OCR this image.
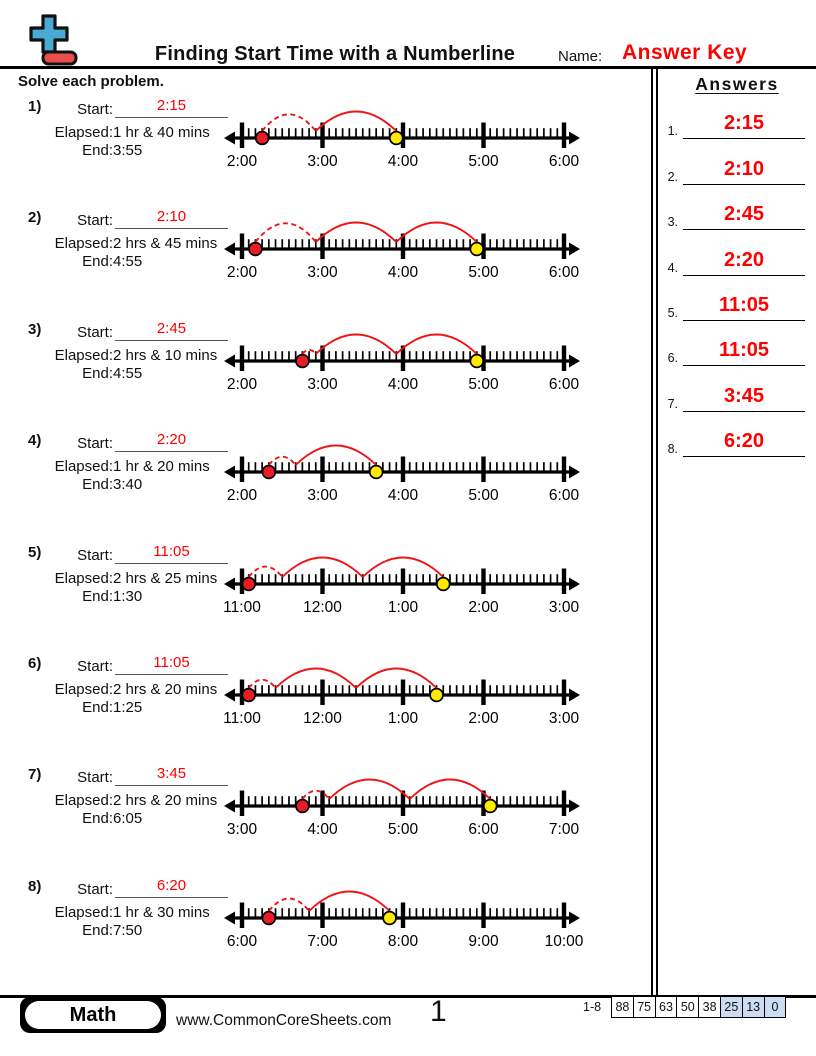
Finding Start Time with a Numberline	Name: Answer Key
Solve each problem.
1)	Start:	2:15
Elapsed: 1 hr & 40 mins
End: 3:55
2:00	3:00	4:00	5:00	6:00
2)	Start:	2:10
Elapsed: 2 hrs & 45 mins
End: 4:55
2:00	3:00	4:00	5:00	6:00
3)	Start:	2:45
Elapsed: 2 hrs & 10 mins
End: 4:55
2:00	3:00	4:00	5:00	6:00
4)	Start:	2:20
Elapsed: 1 hr & 20 mins
End: 3:40
2:00	3:00	4:00	5:00	6:00
5)	Start:	11:05
Elapsed: 2 hrs & 25 mins
End: 1:30
11:00	12:00	1:00	2:00	3:00
6)	Start:	11:05
Elapsed: 2 hrs & 20 mins
End: 1:25
11:00	12:00	1:00	2:00	3:00
7)	Start:	3:45
Elapsed: 2 hrs & 20 mins
End: 6:05
3:00	4:00	5:00	6:00	7:00
8)	Start:	6:20
Elapsed: 1 hr & 30 mins
End: 7:50
6:00	7:00	8:00	9:00	10:00
Answers
1.	2:15
2.	2:10
3.	2:45
4.	2:20
5.	11:05
6.	11:05
7.	3:45
8.	6:20
Math	www.CommonCoreSheets.com 1	1-8 88 75 63 50 38 25 13 0
